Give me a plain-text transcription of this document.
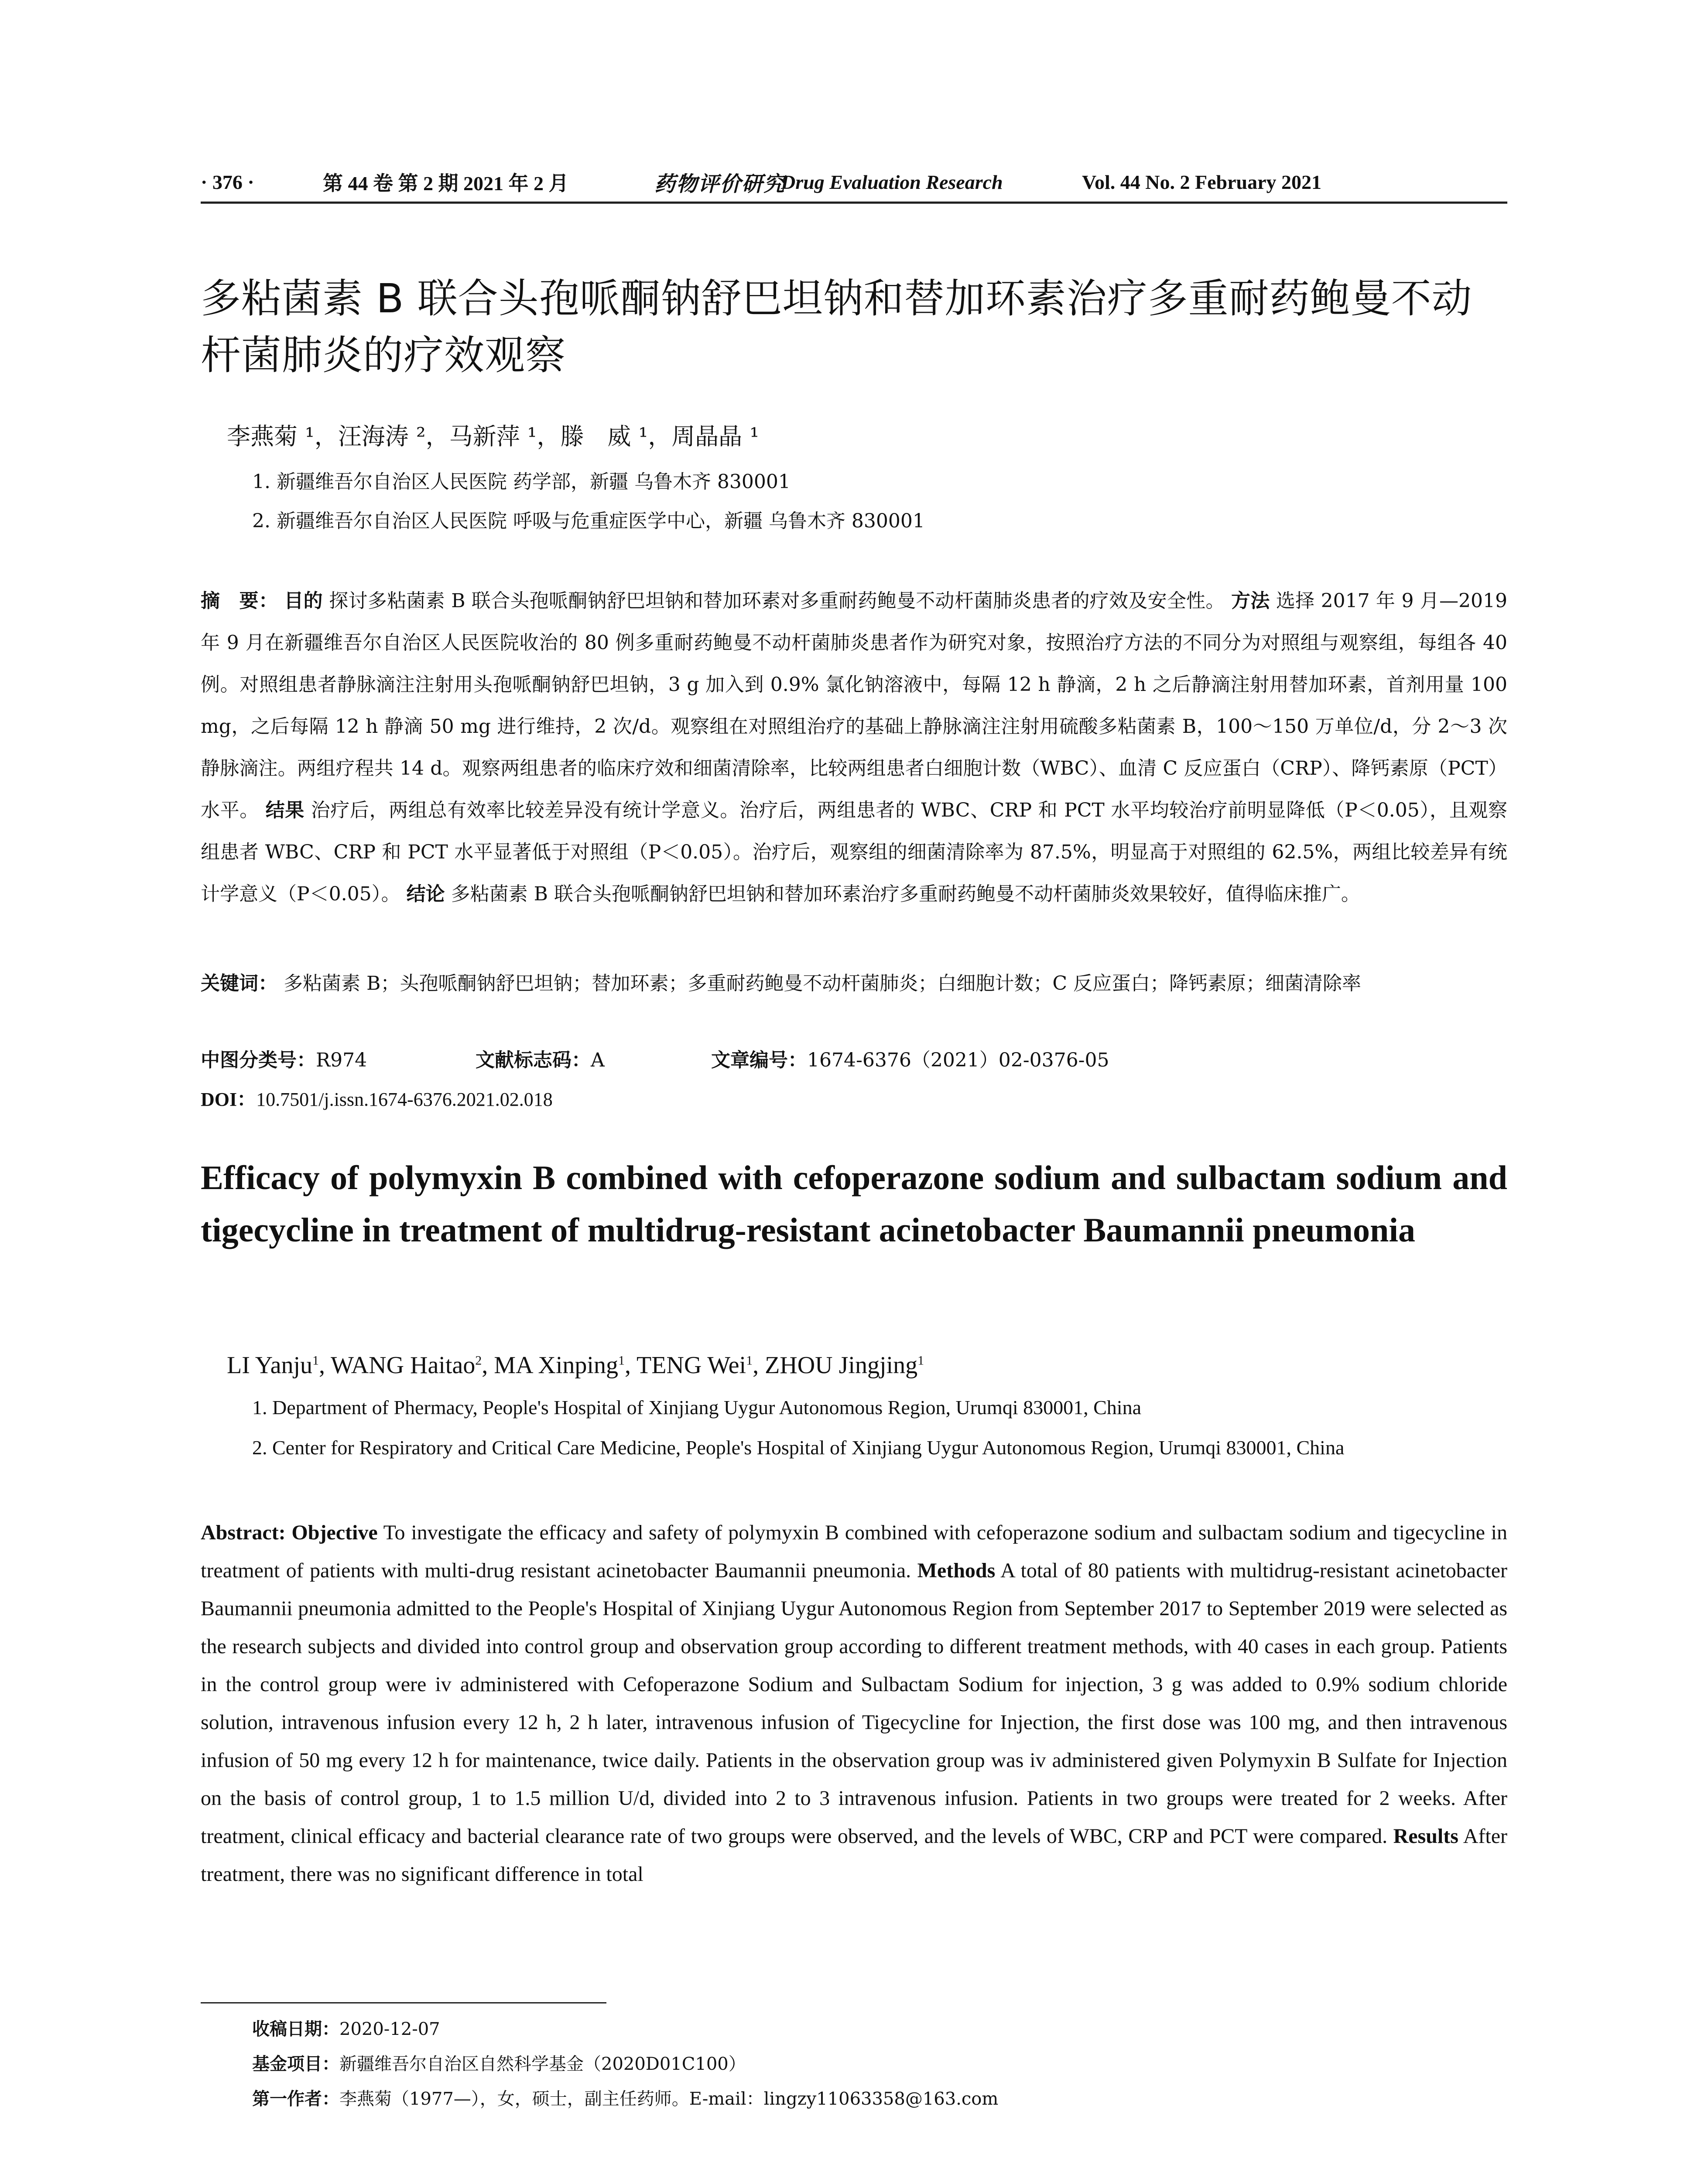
· 376 ·	第 44 卷 第 2 期 2021 年 2 月	药物评价研究
Drug Evaluation Research	Vol. 44 No. 2 February 2021
多粘菌素 B 联合头孢哌酮钠舒巴坦钠和替加环素治疗多重耐药鲍曼不动杆菌肺炎的疗效观察
李燕菊 ¹，汪海涛 ²，马新萍 ¹，滕　威 ¹，周晶晶 ¹
1. 新疆维吾尔自治区人民医院 药学部，新疆 乌鲁木齐 830001
2. 新疆维吾尔自治区人民医院 呼吸与危重症医学中心，新疆 乌鲁木齐 830001
摘　要： 目的 探讨多粘菌素 B 联合头孢哌酮钠舒巴坦钠和替加环素对多重耐药鲍曼不动杆菌肺炎患者的疗效及安全性。 方法 选择 2017 年 9 月—2019 年 9 月在新疆维吾尔自治区人民医院收治的 80 例多重耐药鲍曼不动杆菌肺炎患者作为研究对象，按照治疗方法的不同分为对照组与观察组，每组各 40 例。对照组患者静脉滴注注射用头孢哌酮钠舒巴坦钠，3 g 加入到 0.9% 氯化钠溶液中，每隔 12 h 静滴，2 h 之后静滴注射用替加环素，首剂用量 100 mg，之后每隔 12 h 静滴 50 mg 进行维持，2 次/d。观察组在对照组治疗的基础上静脉滴注注射用硫酸多粘菌素 B，100～150 万单位/d，分 2～3 次静脉滴注。两组疗程共 14 d。观察两组患者的临床疗效和细菌清除率，比较两组患者白细胞计数（WBC）、血清 C 反应蛋白（CRP）、降钙素原（PCT）水平。 结果 治疗后，两组总有效率比较差异没有统计学意义。治疗后，两组患者的 WBC、CRP 和 PCT 水平均较治疗前明显降低（P＜0.05），且观察组患者 WBC、CRP 和 PCT 水平显著低于对照组（P＜0.05）。治疗后，观察组的细菌清除率为 87.5%，明显高于对照组的 62.5%，两组比较差异有统计学意义（P＜0.05）。 结论 多粘菌素 B 联合头孢哌酮钠舒巴坦钠和替加环素治疗多重耐药鲍曼不动杆菌肺炎效果较好，值得临床推广。
关键词： 多粘菌素 B；头孢哌酮钠舒巴坦钠；替加环素；多重耐药鲍曼不动杆菌肺炎；白细胞计数；C 反应蛋白；降钙素原；细菌清除率
中图分类号：R974	文献标志码：A	文章编号：1674-6376（2021）02-0376-05
DOI：10.7501/j.issn.1674-6376.2021.02.018
Efficacy of polymyxin B combined with cefoperazone sodium and sulbactam sodium and tigecycline in treatment of multidrug-resistant acinetobacter Baumannii pneumonia
LI Yanju$^1$, WANG Haitao$^2$, MA Xinping$^1$, TENG Wei$^1$, ZHOU Jingjing$^1$
1. Department of Phermacy, People's Hospital of Xinjiang Uygur Autonomous Region, Urumqi 830001, China
2. Center for Respiratory and Critical Care Medicine, People's Hospital of Xinjiang Uygur Autonomous Region, Urumqi 830001, China
Abstract: Objective To investigate the efficacy and safety of polymyxin B combined with cefoperazone sodium and sulbactam sodium and tigecycline in treatment of patients with multi-drug resistant acinetobacter Baumannii pneumonia. Methods A total of 80 patients with multidrug-resistant acinetobacter Baumannii pneumonia admitted to the People's Hospital of Xinjiang Uygur Autonomous Region from September 2017 to September 2019 were selected as the research subjects and divided into control group and observation group according to different treatment methods, with 40 cases in each group. Patients in the control group were iv administered with Cefoperazone Sodium and Sulbactam Sodium for injection, 3 g was added to 0.9% sodium chloride solution, intravenous infusion every 12 h, 2 h later, intravenous infusion of Tigecycline for Injection, the first dose was 100 mg, and then intravenous infusion of 50 mg every 12 h for maintenance, twice daily. Patients in the observation group was iv administered given Polymyxin B Sulfate for Injection on the basis of control group, 1 to 1.5 million U/d, divided into 2 to 3 intravenous infusion. Patients in two groups were treated for 2 weeks. After treatment, clinical efficacy and bacterial clearance rate of two groups were observed, and the levels of WBC, CRP and PCT were compared. Results After treatment, there was no significant difference in total
收稿日期：2020-12-07
基金项目：新疆维吾尔自治区自然科学基金（2020D01C100）
第一作者：李燕菊（1977—），女，硕士，副主任药师。E-mail：lingzy11063358@163.com
